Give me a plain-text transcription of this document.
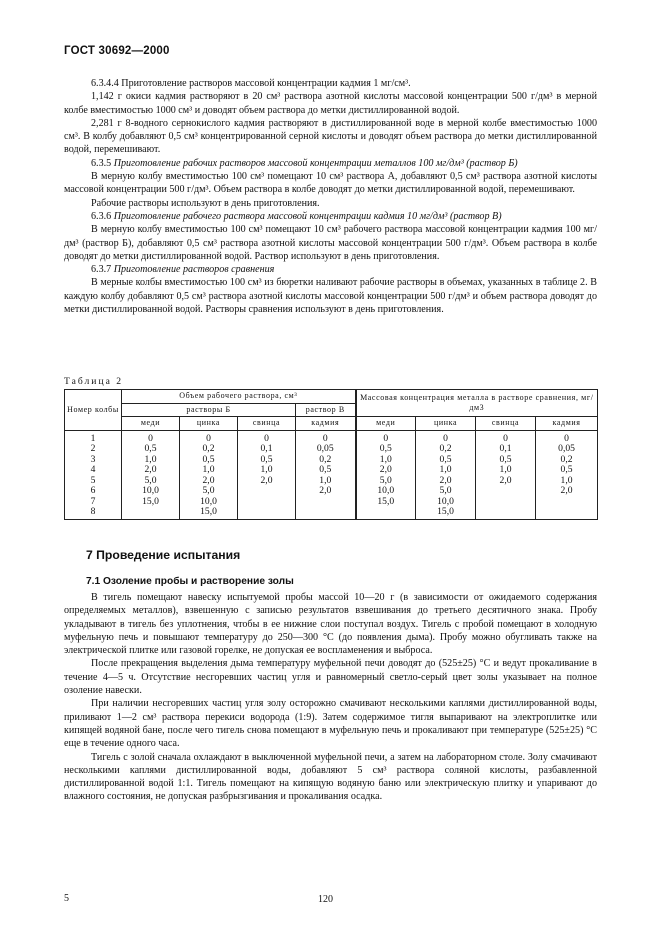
ГОСТ 30692—2000

6.3.4.4 Приготовление растворов массовой концентрации кадмия 1 мг/см³.

1,142 г окиси кадмия растворяют в 20 см³ раствора азотной кислоты массовой концентрации 500 г/дм³ в мерной колбе вместимостью 1000 см³ и доводят объем раствора до метки дистиллированной водой.

2,281 г 8-водного сернокислого кадмия растворяют в дистиллированной воде в мерной колбе вместимостью 1000 см³. В колбу добавляют 0,5 см³ концентрированной серной кислоты и доводят объем раствора до метки дистиллированной водой, перемешивают.

6.3.5 Приготовление рабочих растворов массовой концентрации металлов 100 мг/дм³ (раствор Б)

В мерную колбу вместимостью 100 см³ помещают 10 см³ раствора А, добавляют 0,5 см³ раствора азотной кислоты массовой концентрации 500 г/дм³. Объем раствора в колбе доводят до метки дистиллированной водой, перемешивают.

Рабочие растворы используют в день приготовления.

6.3.6 Приготовление рабочего раствора массовой концентрации кадмия 10 мг/дм³ (раствор В)

В мерную колбу вместимостью 100 см³ помещают 10 см³ рабочего раствора массовой концентрации кадмия 100 мг/дм³ (раствор Б), добавляют 0,5 см³ раствора азотной кислоты массовой концентрации 500 г/дм³. Объем раствора в колбе доводят до метки дистиллированной водой. Раствор используют в день приготовления.

6.3.7 Приготовление растворов сравнения

В мерные колбы вместимостью 100 см³ из бюретки наливают рабочие растворы в объемах, указанных в таблице 2. В каждую колбу добавляют 0,5 см³ раствора азотной кислоты массовой концентрации 500 г/дм³ и объем раствора доводят до метки дистиллированной водой. Растворы сравнения используют в день приготовления.

Таблица 2
Номер колбы	Объем рабочего раствора, см³				Массовая концентрация металла в растворе сравнения, мг/дм3			
	растворы Б			раствор В				
	меди	цинка	свинца	кадмия	меди	цинка	свинца	кадмия
1	0	0	0	0	0	0	0	0
2	0,5	0,2	0,1	0,05	0,5	0,2	0,1	0,05
3	1,0	0,5	0,5	0,2	1,0	0,5	0,5	0,2
4	2,0	1,0	1,0	0,5	2,0	1,0	1,0	0,5
5	5,0	2,0	2,0	1,0	5,0	2,0	2,0	1,0
6	10,0	5,0		2,0	10,0	5,0		2,0
7	15,0	10,0			15,0	10,0		
8		15,0				15,0		
7 Проведение испытания
7.1 Озоление пробы и растворение золы

В тигель помещают навеску испытуемой пробы массой 10—20 г (в зависимости от ожидаемого содержания определяемых металлов), взвешенную с записью результатов взвешивания до третьего десятичного знака. Пробу укладывают в тигель без уплотнения, чтобы в ее нижние слои поступал воздух. Тигель с пробой помещают в холодную муфельную печь и повышают температуру до 250—300 °С (до появления дыма). Пробу можно обугливать также на электрической плитке или газовой горелке, не допуская ее воспламенения и выброса.

После прекращения выделения дыма температуру муфельной печи доводят до (525±25) °С и ведут прокаливание в течение 4—5 ч. Отсутствие несгоревших частиц угля и равномерный светло-серый цвет золы указывает на полное озоление навески.

При наличии несгоревших частиц угля золу осторожно смачивают несколькими каплями дистиллированной воды, приливают 1—2 см³ раствора перекиси водорода (1:9). Затем содержимое тигля выпаривают на электроплитке или кипящей водяной бане, после чего тигель снова помещают в муфельную печь и прокаливают при температуре (525±25) °С еще в течение одного часа.

Тигель с золой сначала охлаждают в выключенной муфельной печи, а затем на лабораторном столе. Золу смачивают несколькими каплями дистиллированной воды, добавляют 5 см³ раствора соляной кислоты, разбавленной дистиллированной водой 1:1. Тигель помещают на кипящую водяную баню или электрическую плитку и упаривают до влажного состояния, не допуская разбрызгивания и прокаливания осадка.

5	120
